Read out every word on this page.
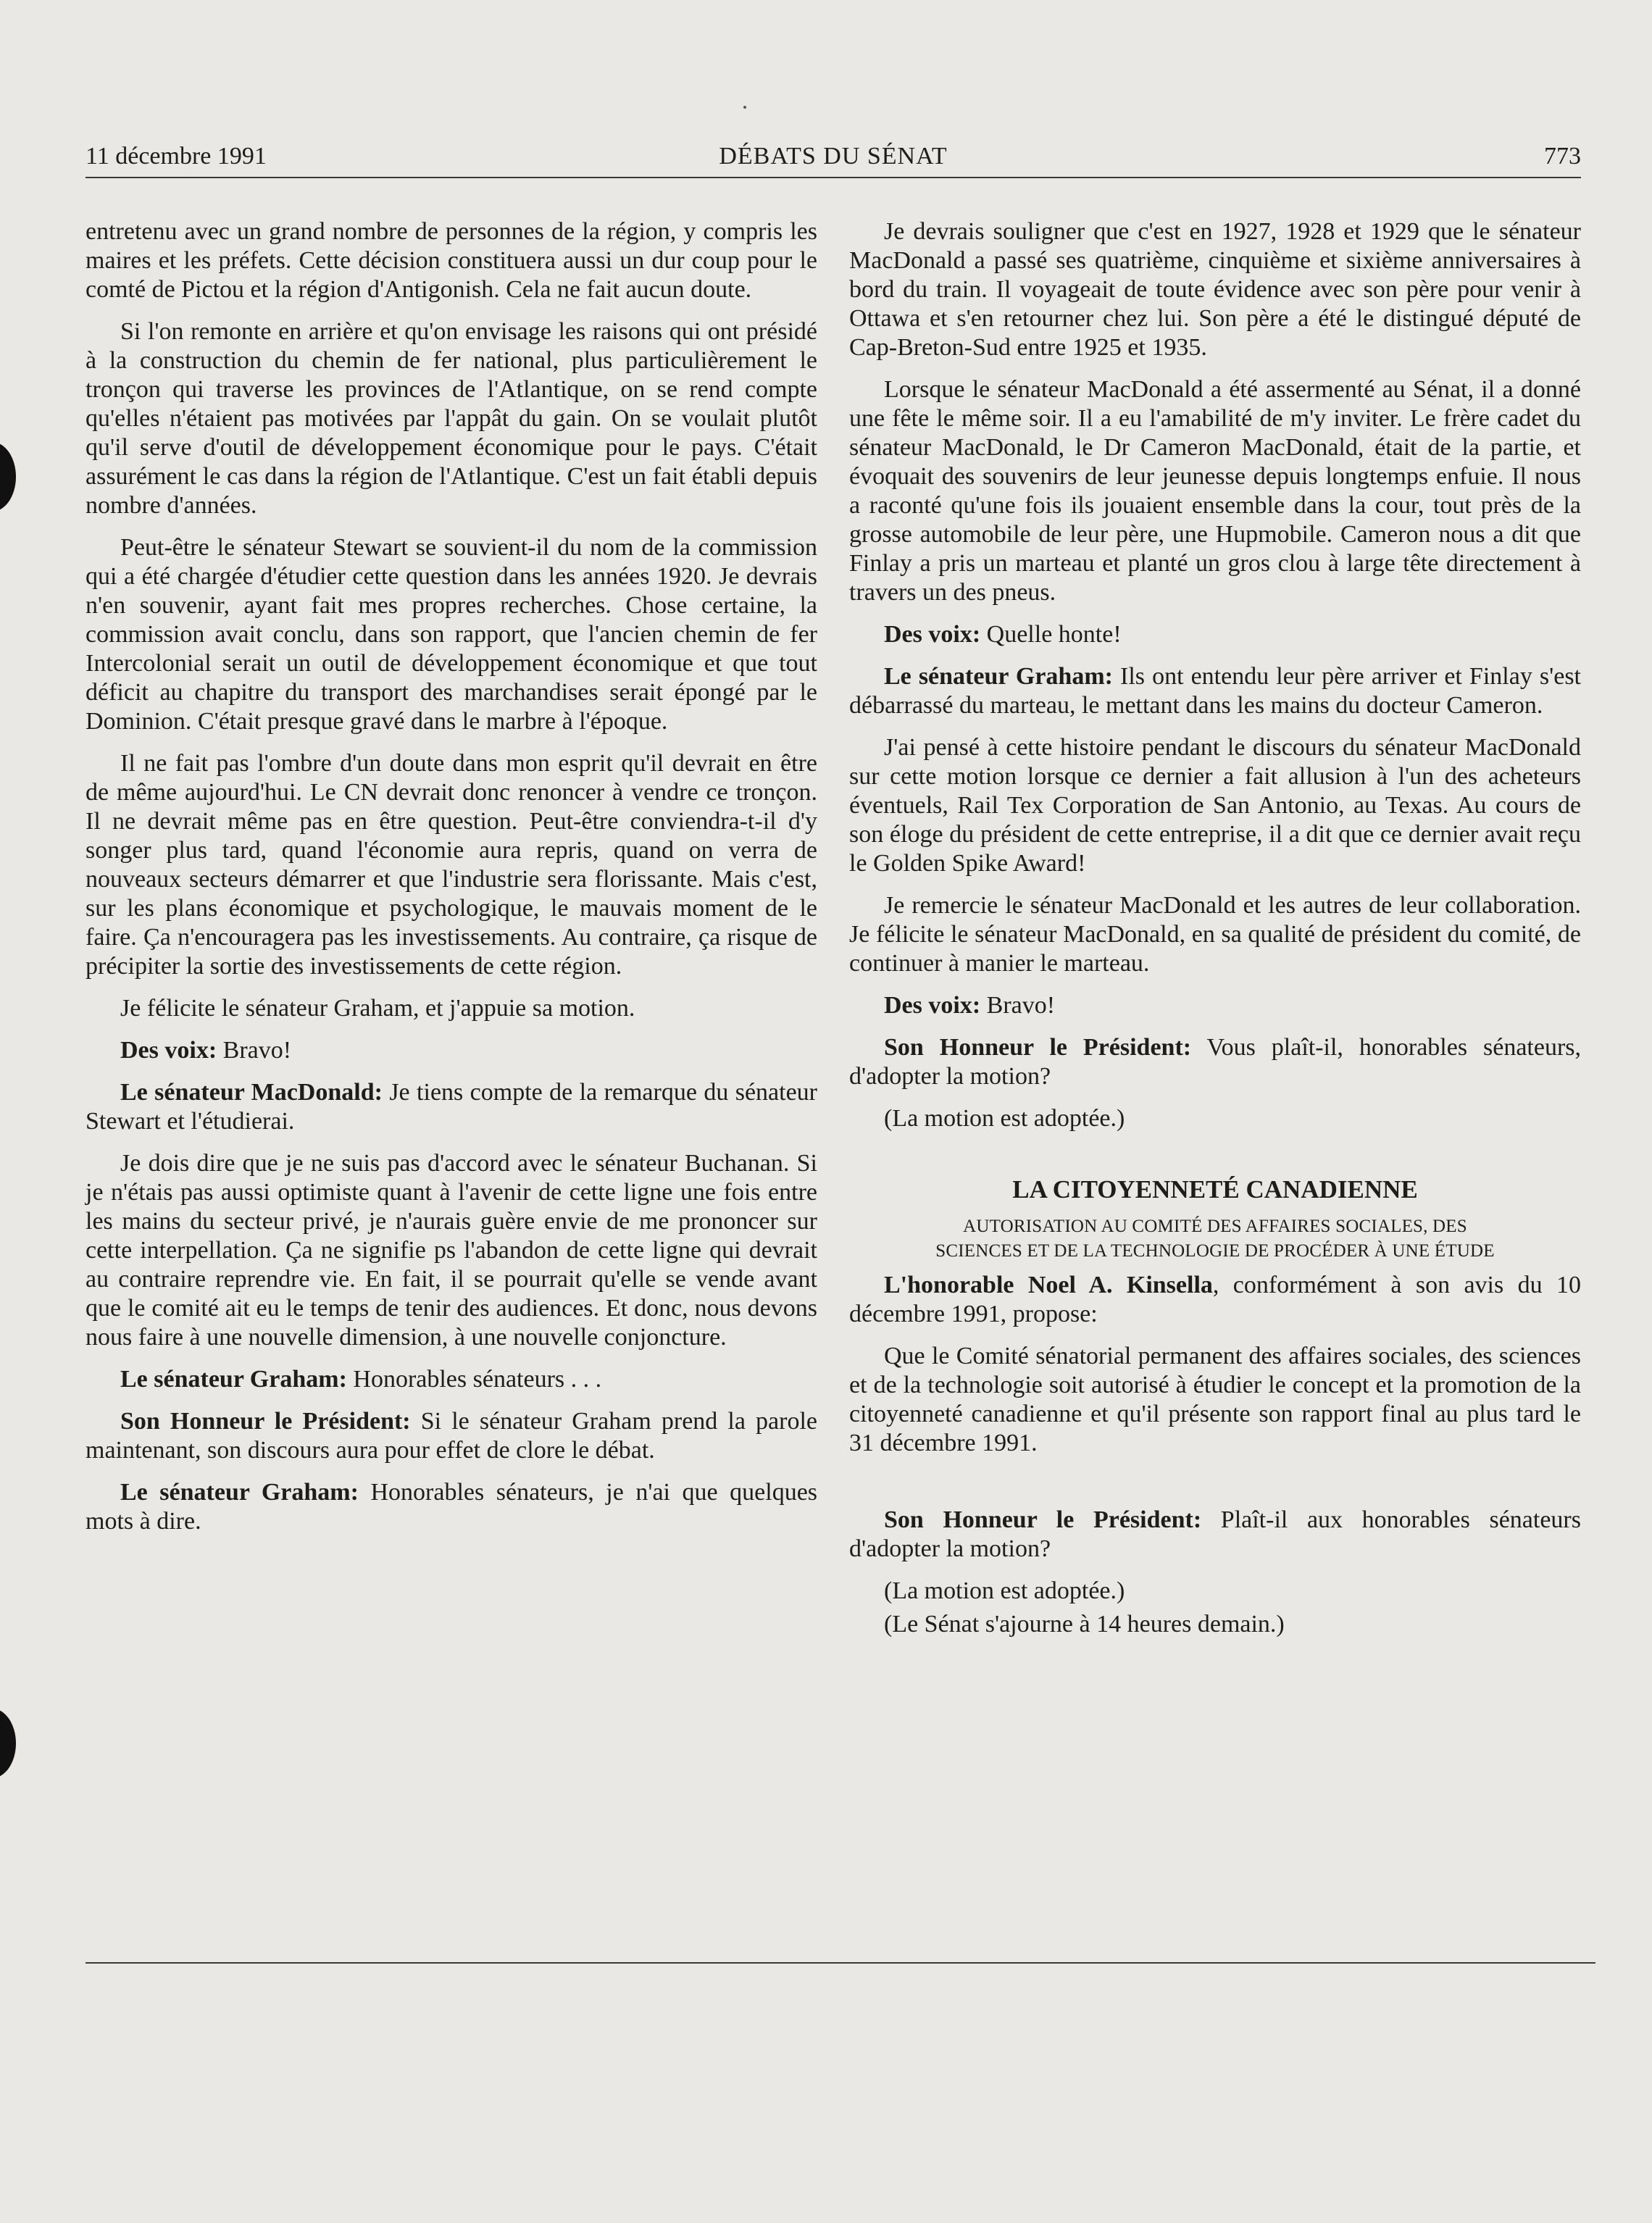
11 décembre 1991	DÉBATS DU SÉNAT	773

entretenu avec un grand nombre de personnes de la région, y compris les maires et les préfets. Cette décision constituera aussi un dur coup pour le comté de Pictou et la région d'Antigonish. Cela ne fait aucun doute.

Si l'on remonte en arrière et qu'on envisage les raisons qui ont présidé à la construction du chemin de fer national, plus particulièrement le tronçon qui traverse les provinces de l'Atlantique, on se rend compte qu'elles n'étaient pas motivées par l'appât du gain. On se voulait plutôt qu'il serve d'outil de développement économique pour le pays. C'était assurément le cas dans la région de l'Atlantique. C'est un fait établi depuis nombre d'années.

Peut-être le sénateur Stewart se souvient-il du nom de la commission qui a été chargée d'étudier cette question dans les années 1920. Je devrais n'en souvenir, ayant fait mes propres recherches. Chose certaine, la commission avait conclu, dans son rapport, que l'ancien chemin de fer Intercolonial serait un outil de développement économique et que tout déficit au chapitre du transport des marchandises serait épongé par le Dominion. C'était presque gravé dans le marbre à l'époque.

Il ne fait pas l'ombre d'un doute dans mon esprit qu'il devrait en être de même aujourd'hui. Le CN devrait donc renoncer à vendre ce tronçon. Il ne devrait même pas en être question. Peut-être conviendra-t-il d'y songer plus tard, quand l'économie aura repris, quand on verra de nouveaux secteurs démarrer et que l'industrie sera florissante. Mais c'est, sur les plans économique et psychologique, le mauvais moment de le faire. Ça n'encouragera pas les investissements. Au contraire, ça risque de précipiter la sortie des investissements de cette région.

Je félicite le sénateur Graham, et j'appuie sa motion.

Des voix: Bravo!

Le sénateur MacDonald: Je tiens compte de la remarque du sénateur Stewart et l'étudierai.

Je dois dire que je ne suis pas d'accord avec le sénateur Buchanan. Si je n'étais pas aussi optimiste quant à l'avenir de cette ligne une fois entre les mains du secteur privé, je n'aurais guère envie de me prononcer sur cette interpellation. Ça ne signifie ps l'abandon de cette ligne qui devrait au contraire reprendre vie. En fait, il se pourrait qu'elle se vende avant que le comité ait eu le temps de tenir des audiences. Et donc, nous devons nous faire à une nouvelle dimension, à une nouvelle conjoncture.

Le sénateur Graham: Honorables sénateurs . . .

Son Honneur le Président: Si le sénateur Graham prend la parole maintenant, son discours aura pour effet de clore le débat.

Le sénateur Graham: Honorables sénateurs, je n'ai que quelques mots à dire.

Je devrais souligner que c'est en 1927, 1928 et 1929 que le sénateur MacDonald a passé ses quatrième, cinquième et sixième anniversaires à bord du train. Il voyageait de toute évidence avec son père pour venir à Ottawa et s'en retourner chez lui. Son père a été le distingué député de Cap-Breton-Sud entre 1925 et 1935.

Lorsque le sénateur MacDonald a été assermenté au Sénat, il a donné une fête le même soir. Il a eu l'amabilité de m'y inviter. Le frère cadet du sénateur MacDonald, le Dr Cameron MacDonald, était de la partie, et évoquait des souvenirs de leur jeunesse depuis longtemps enfuie. Il nous a raconté qu'une fois ils jouaient ensemble dans la cour, tout près de la grosse automobile de leur père, une Hupmobile. Cameron nous a dit que Finlay a pris un marteau et planté un gros clou à large tête directement à travers un des pneus.

Des voix: Quelle honte!

Le sénateur Graham: Ils ont entendu leur père arriver et Finlay s'est débarrassé du marteau, le mettant dans les mains du docteur Cameron.

J'ai pensé à cette histoire pendant le discours du sénateur MacDonald sur cette motion lorsque ce dernier a fait allusion à l'un des acheteurs éventuels, Rail Tex Corporation de San Antonio, au Texas. Au cours de son éloge du président de cette entreprise, il a dit que ce dernier avait reçu le Golden Spike Award!

Je remercie le sénateur MacDonald et les autres de leur collaboration. Je félicite le sénateur MacDonald, en sa qualité de président du comité, de continuer à manier le marteau.

Des voix: Bravo!

Son Honneur le Président: Vous plaît-il, honorables sénateurs, d'adopter la motion?

(La motion est adoptée.)

LA CITOYENNETÉ CANADIENNE
AUTORISATION AU COMITÉ DES AFFAIRES SOCIALES, DES
SCIENCES ET DE LA TECHNOLOGIE DE PROCÉDER À UNE ÉTUDE

L'honorable Noel A. Kinsella, conformément à son avis du 10 décembre 1991, propose:

Que le Comité sénatorial permanent des affaires sociales, des sciences et de la technologie soit autorisé à étudier le concept et la promotion de la citoyenneté canadienne et qu'il présente son rapport final au plus tard le 31 décembre 1991.

Son Honneur le Président: Plaît-il aux honorables sénateurs d'adopter la motion?

(La motion est adoptée.)

(Le Sénat s'ajourne à 14 heures demain.)
